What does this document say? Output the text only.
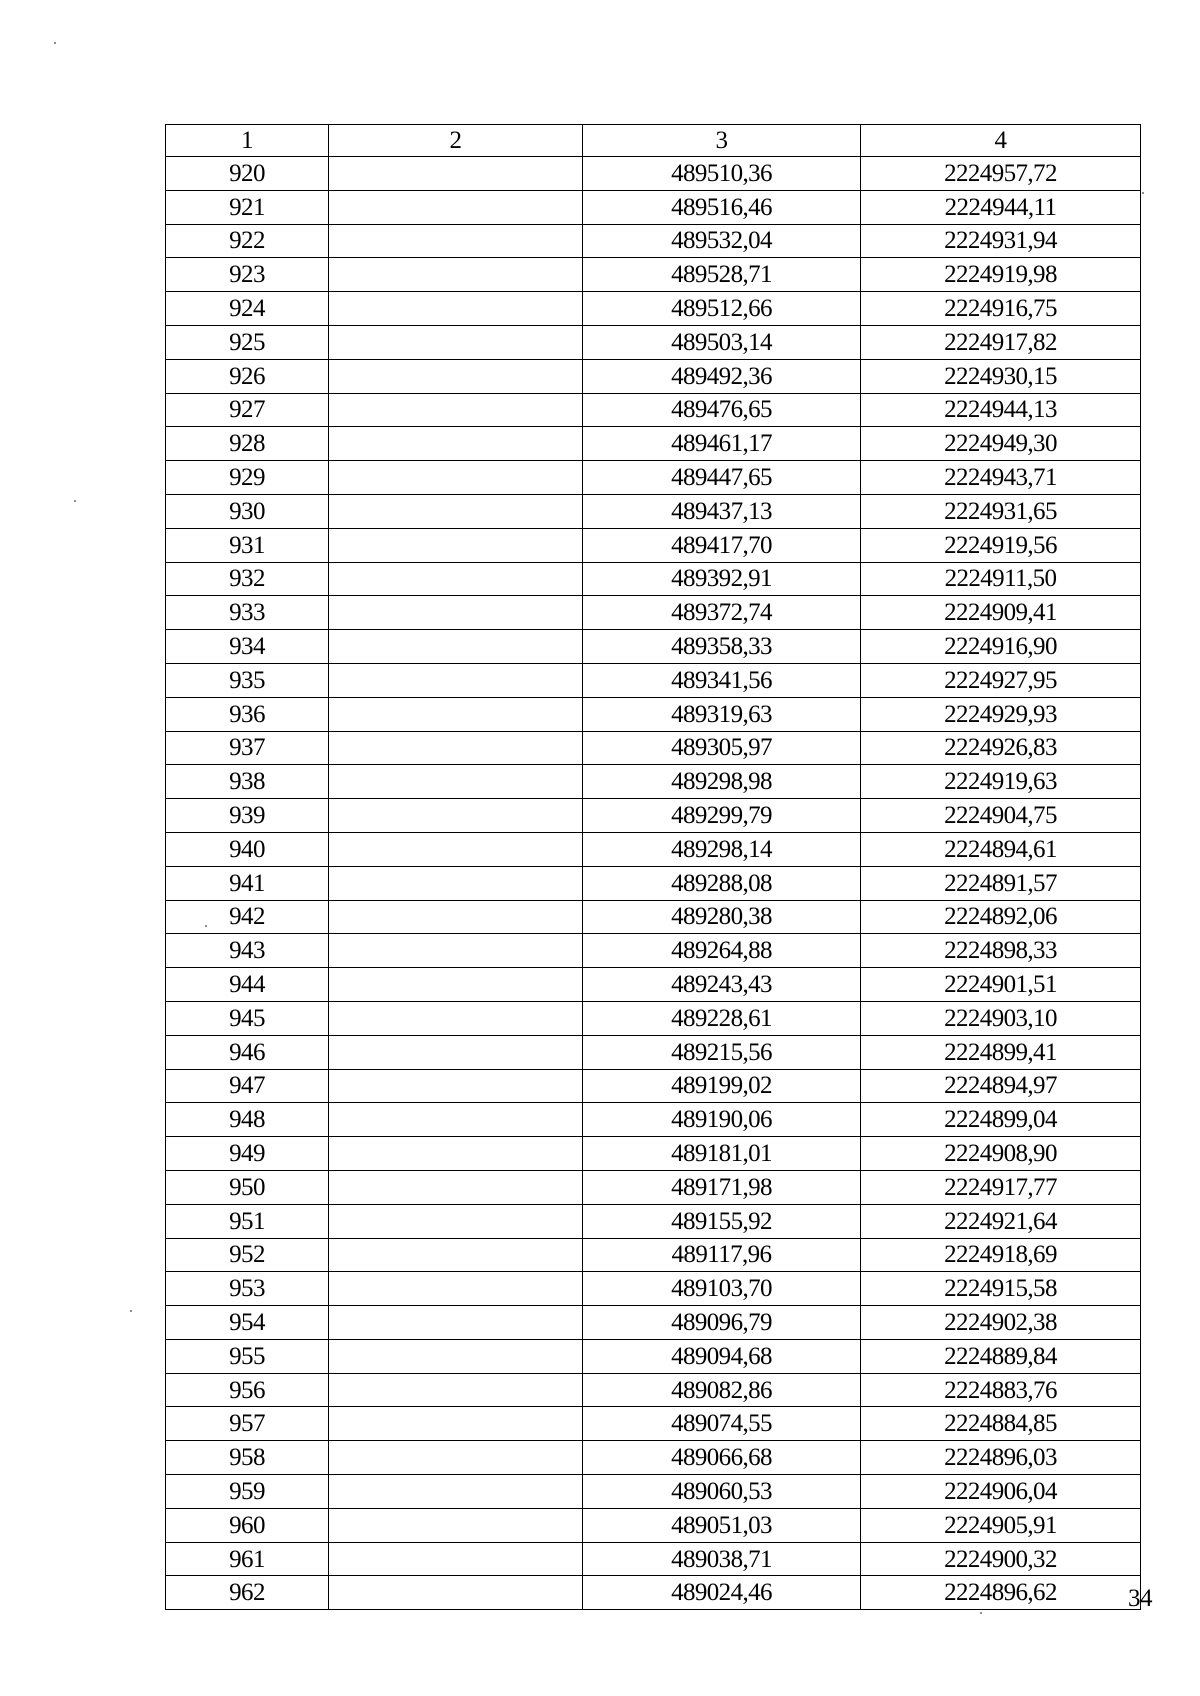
1	2	3	4
920		489510,36	2224957,72
921		489516,46	2224944,11
922		489532,04	2224931,94
923		489528,71	2224919,98
924		489512,66	2224916,75
925		489503,14	2224917,82
926		489492,36	2224930,15
927		489476,65	2224944,13
928		489461,17	2224949,30
929		489447,65	2224943,71
930		489437,13	2224931,65
931		489417,70	2224919,56
932		489392,91	2224911,50
933		489372,74	2224909,41
934		489358,33	2224916,90
935		489341,56	2224927,95
936		489319,63	2224929,93
937		489305,97	2224926,83
938		489298,98	2224919,63
939		489299,79	2224904,75
940		489298,14	2224894,61
941		489288,08	2224891,57
942		489280,38	2224892,06
943		489264,88	2224898,33
944		489243,43	2224901,51
945		489228,61	2224903,10
946		489215,56	2224899,41
947		489199,02	2224894,97
948		489190,06	2224899,04
949		489181,01	2224908,90
950		489171,98	2224917,77
951		489155,92	2224921,64
952		489117,96	2224918,69
953		489103,70	2224915,58
954		489096,79	2224902,38
955		489094,68	2224889,84
956		489082,86	2224883,76
957		489074,55	2224884,85
958		489066,68	2224896,03
959		489060,53	2224906,04
960		489051,03	2224905,91
961		489038,71	2224900,32
962		489024,46	2224896,62	34
